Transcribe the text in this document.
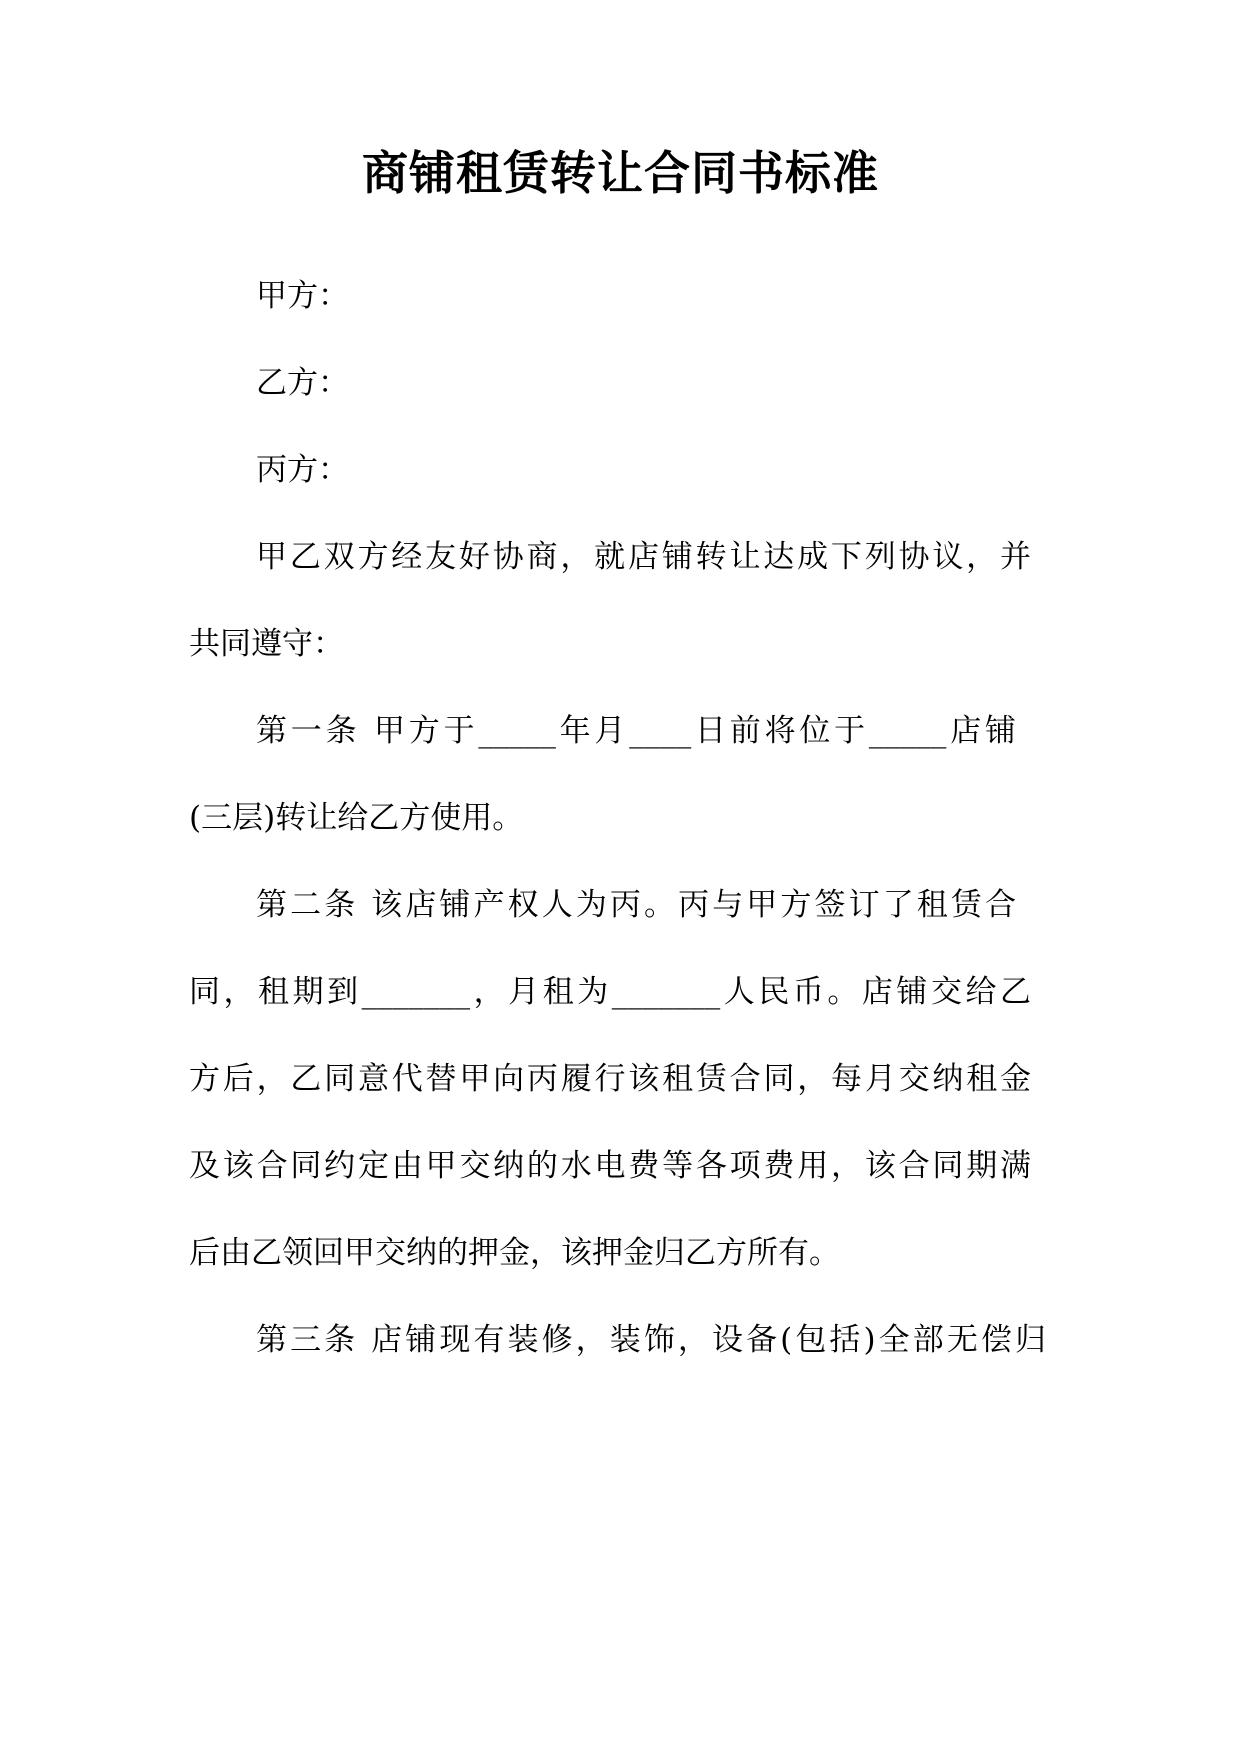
商铺租赁转让合同书标准
甲方：
乙方：
丙方：
甲乙双方经友好协商，就店铺转让达成下列协议，并
共同遵守：
第一条 甲方于_____年月____日前将位于_____店铺
(三层)转让给乙方使用。
第二条 该店铺产权人为丙。丙与甲方签订了租赁合
同，租期到_______，月租为_______人民币。店铺交给乙
方后，乙同意代替甲向丙履行该租赁合同，每月交纳租金
及该合同约定由甲交纳的水电费等各项费用，该合同期满
后由乙领回甲交纳的押金，该押金归乙方所有。
第三条 店铺现有装修，装饰，设备(包括)全部无偿归
